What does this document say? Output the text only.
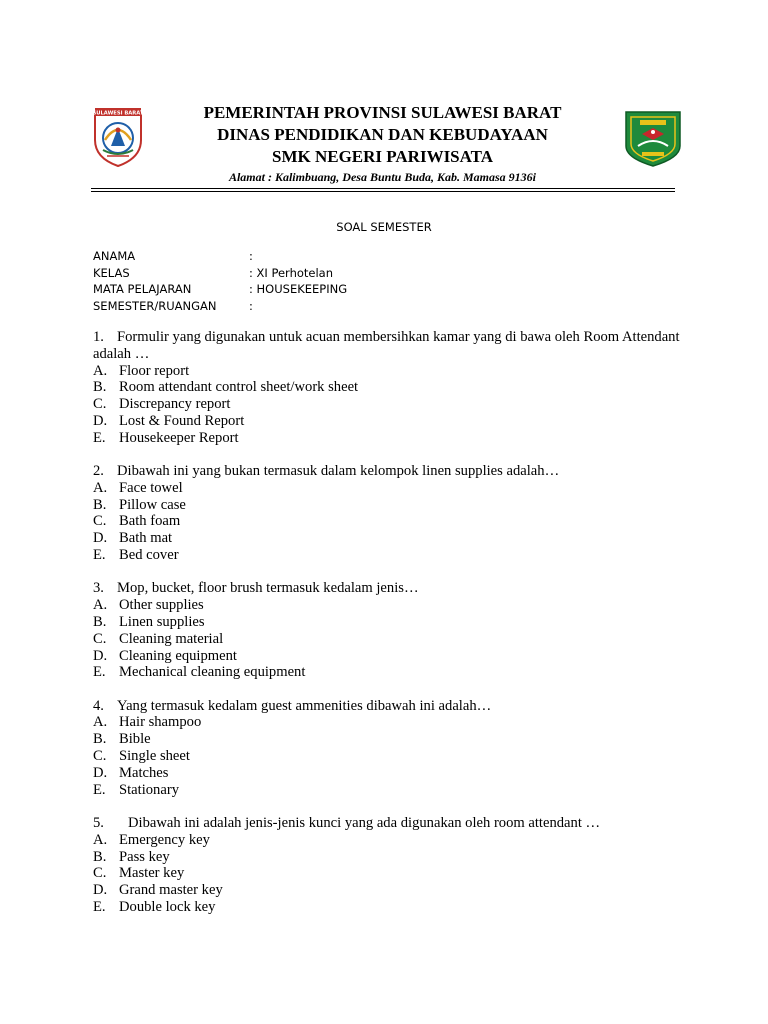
SULAWESI BARAT	PEMERINTAH PROVINSI SULAWESI BARAT
DINAS PENDIDIKAN DAN KEBUDAYAAN
SMK NEGERI PARIWISATA
Alamat : Kalimbuang, Desa Buntu Buda, Kab. Mamasa 9136i
SOAL SEMESTER
ANAMA	:
KELAS	: XI Perhotelan
MATA PELAJARAN	: HOUSEKEEPING
SEMESTER/RUANGAN	:
1. Formulir yang digunakan untuk acuan membersihkan kamar yang di bawa oleh Room Attendant adalah …
A. Floor report
B. Room attendant control sheet/work sheet
C. Discrepancy report
D. Lost & Found Report
E. Housekeeper Report
2. Dibawah ini yang bukan termasuk dalam kelompok linen supplies adalah…
A. Face towel
B. Pillow case
C. Bath foam
D. Bath mat
E. Bed cover
3. Mop, bucket, floor brush termasuk kedalam jenis…
A. Other supplies
B. Linen supplies
C. Cleaning material
D. Cleaning equipment
E. Mechanical cleaning equipment
4. Yang termasuk kedalam guest ammenities dibawah ini adalah…
A. Hair shampoo
B. Bible
C. Single sheet
D. Matches
E. Stationary
5. Dibawah ini adalah jenis-jenis kunci yang ada digunakan oleh room attendant …
A. Emergency key
B. Pass key
C. Master key
D. Grand master key
E. Double lock key
